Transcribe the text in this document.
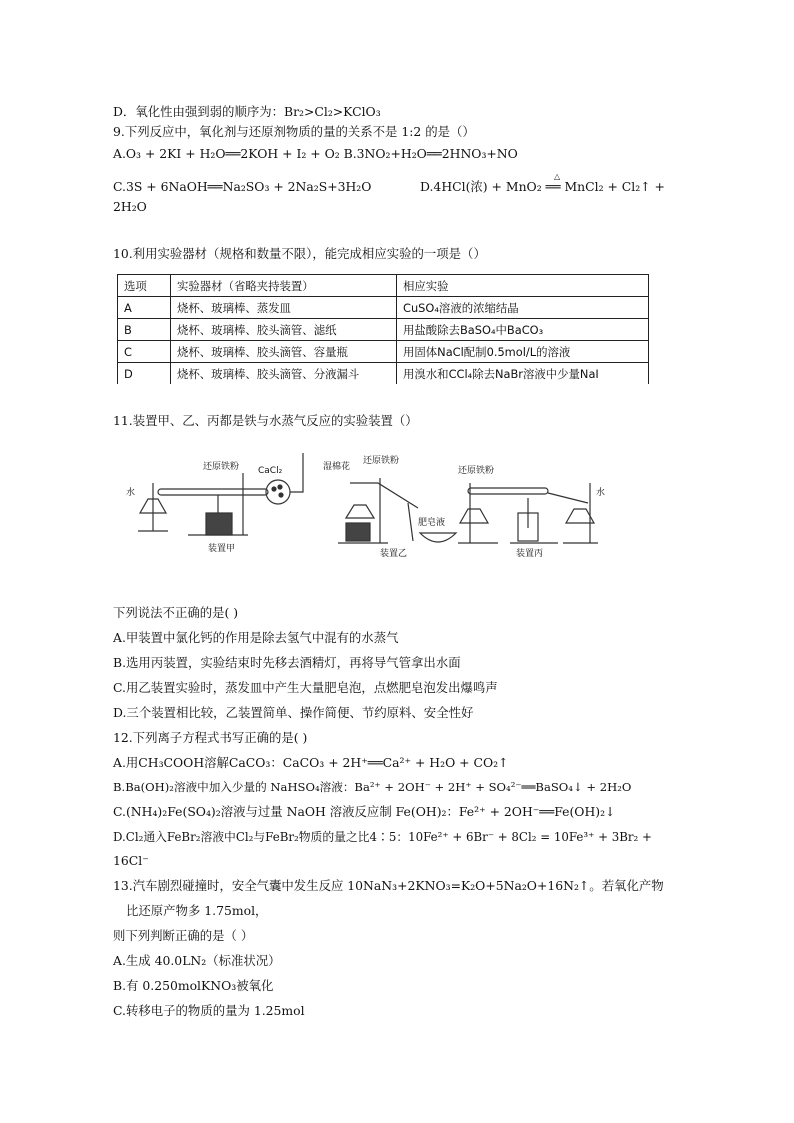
D．氧化性由强到弱的顺序为：Br₂>Cl₂>KClO₃
9.下列反应中，氧化剂与还原剂物质的量的关系不是 1:2 的是（）
A.O₃ + 2KI + H₂O══2KOH + I₂ + O₂ B.3NO₂+H₂O══2HNO₃+NO
C.3S + 6NaOH══Na₂SO₃ + 2Na₂S+3H₂O	D.4HCl(浓) + MnO₂ ══ MnCl₂ + Cl₂↑ +
△
2H₂O
10.利用实验器材（规格和数量不限），能完成相应实验的一项是（）
选项	实验器材（省略夹持装置）	相应实验
A	烧杯、玻璃棒、蒸发皿	CuSO₄溶液的浓缩结晶
B	烧杯、玻璃棒、胶头滴管、滤纸	用盐酸除去BaSO₄中BaCO₃
C	烧杯、玻璃棒、胶头滴管、容量瓶	用固体NaCl配制0.5mol/L的溶液
D	烧杯、玻璃棒、胶头滴管、分液漏斗	用溴水和CCl₄除去NaBr溶液中少量NaI
11.装置甲、乙、丙都是铁与水蒸气反应的实验装置（）
水
还原铁粉 CaCl₂
装置甲
湿棉花
还原铁粉
肥皂液
装置乙
还原铁粉
水
装置丙
下列说法不正确的是( )
A.甲装置中氯化钙的作用是除去氢气中混有的水蒸气
B.选用丙装置，实验结束时先移去酒精灯，再将导气管拿出水面
C.用乙装置实验时，蒸发皿中产生大量肥皂泡，点燃肥皂泡发出爆鸣声
D.三个装置相比较，乙装置简单、操作简便、节约原料、安全性好
12.下列离子方程式书写正确的是( )
A.用CH₃COOH溶解CaCO₃：CaCO₃ + 2H⁺══Ca²⁺ + H₂O + CO₂↑
B.Ba(OH)₂溶液中加入少量的 NaHSO₄溶液：Ba²⁺ + 2OH⁻ + 2H⁺ + SO₄²⁻══BaSO₄↓ + 2H₂O
C.(NH₄)₂Fe(SO₄)₂溶液与过量 NaOH 溶液反应制 Fe(OH)₂：Fe²⁺ + 2OH⁻══Fe(OH)₂↓
D.Cl₂通入FeBr₂溶液中Cl₂与FeBr₂物质的量之比4∶5：10Fe²⁺ + 6Br⁻ + 8Cl₂ = 10Fe³⁺ + 3Br₂ +
16Cl⁻
13.汽车剧烈碰撞时，安全气囊中发生反应 10NaN₃+2KNO₃=K₂O+5Na₂O+16N₂↑。若氧化产物
比还原产物多 1.75mol，
则下列判断正确的是（ ）
A.生成 40.0LN₂（标准状况）
B.有 0.250molKNO₃被氧化
C.转移电子的物质的量为 1.25mol
